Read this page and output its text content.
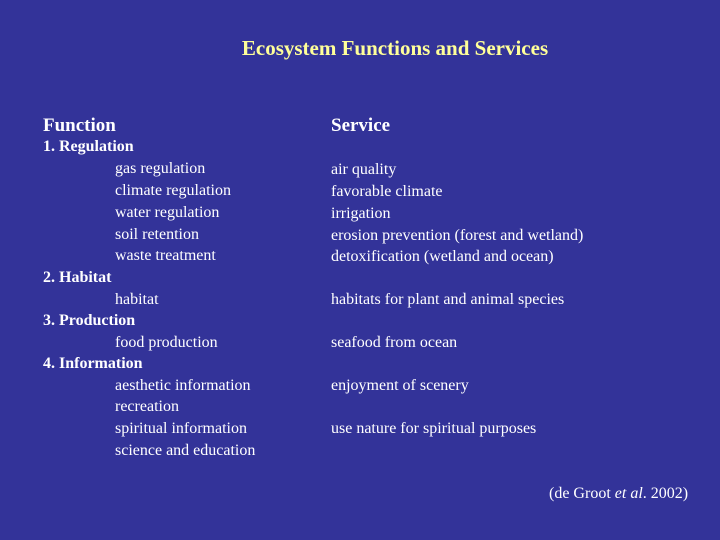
Ecosystem Functions and Services
Function	Service
1. Regulation
gas regulation	air quality
climate regulation	favorable climate
water regulation	irrigation
soil retention	erosion prevention (forest and wetland)
waste treatment	detoxification (wetland and ocean)
2. Habitat
habitat	habitats for plant and animal species
3. Production
food production	seafood from ocean
4. Information
aesthetic information	enjoyment of scenery
recreation
spiritual information	use nature for spiritual purposes
science and education
(de Groot et al. 2002)
